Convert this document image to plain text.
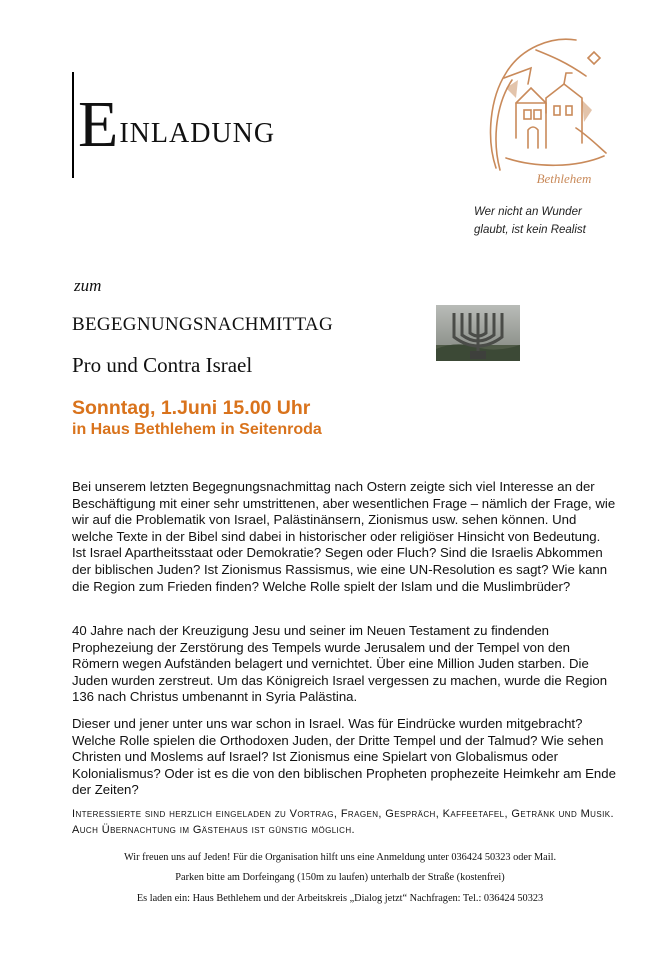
EINLADUNG
Bethlehem
Wer nicht an Wunder
glaubt, ist kein Realist
zum
BEGEGNUNGSNACHMITTAG
Pro und Contra Israel
Sonntag, 1.Juni 15.00 Uhr
in Haus Bethlehem in Seitenroda
Bei unserem letzten Begegnungsnachmittag nach Ostern zeigte sich viel Interesse an der Beschäftigung mit einer sehr umstrittenen, aber wesentlichen Frage – nämlich der Frage, wie wir auf die Problematik von Israel, Palästinänsern, Zionismus usw. sehen können. Und welche Texte in der Bibel sind dabei in historischer oder religiöser Hinsicht von Bedeutung. Ist Israel Apartheitsstaat oder Demokratie? Segen oder Fluch? Sind die Israelis Abkommen der biblischen Juden? Ist Zionismus Rassismus, wie eine UN-Resolution es sagt? Wie kann die Region zum Frieden finden? Welche Rolle spielt der Islam und die Muslimbrüder?
40 Jahre nach der Kreuzigung Jesu und seiner im Neuen Testament zu findenden Prophezeiung der Zerstörung des Tempels wurde Jerusalem und der Tempel von den Römern wegen Aufständen belagert und vernichtet. Über eine Million Juden starben. Die Juden wurden zerstreut. Um das Königreich Israel vergessen zu machen, wurde die Region 136 nach Christus umbenannt in Syria Palästina.
Dieser und jener unter uns war schon in Israel. Was für Eindrücke wurden mitgebracht? Welche Rolle spielen die Orthodoxen Juden, der Dritte Tempel und der Talmud? Wie sehen Christen und Moslems auf Israel? Ist Zionismus eine Spielart von Globalismus oder Kolonialismus? Oder ist es die von den biblischen Propheten prophezeite Heimkehr am Ende der Zeiten?
Interessierte sind herzlich eingeladen zu Vortrag, Fragen, Gespräch, Kaffeetafel, Getränk und Musik. Auch Übernachtung im Gästehaus ist günstig möglich.
Wir freuen uns auf Jeden! Für die Organisation hilft uns eine Anmeldung unter 036424 50323 oder Mail.
Parken bitte am Dorfeingang (150m zu laufen) unterhalb der Straße (kostenfrei)
Es laden ein: Haus Bethlehem und der Arbeitskreis „Dialog jetzt“ Nachfragen: Tel.: 036424 50323
